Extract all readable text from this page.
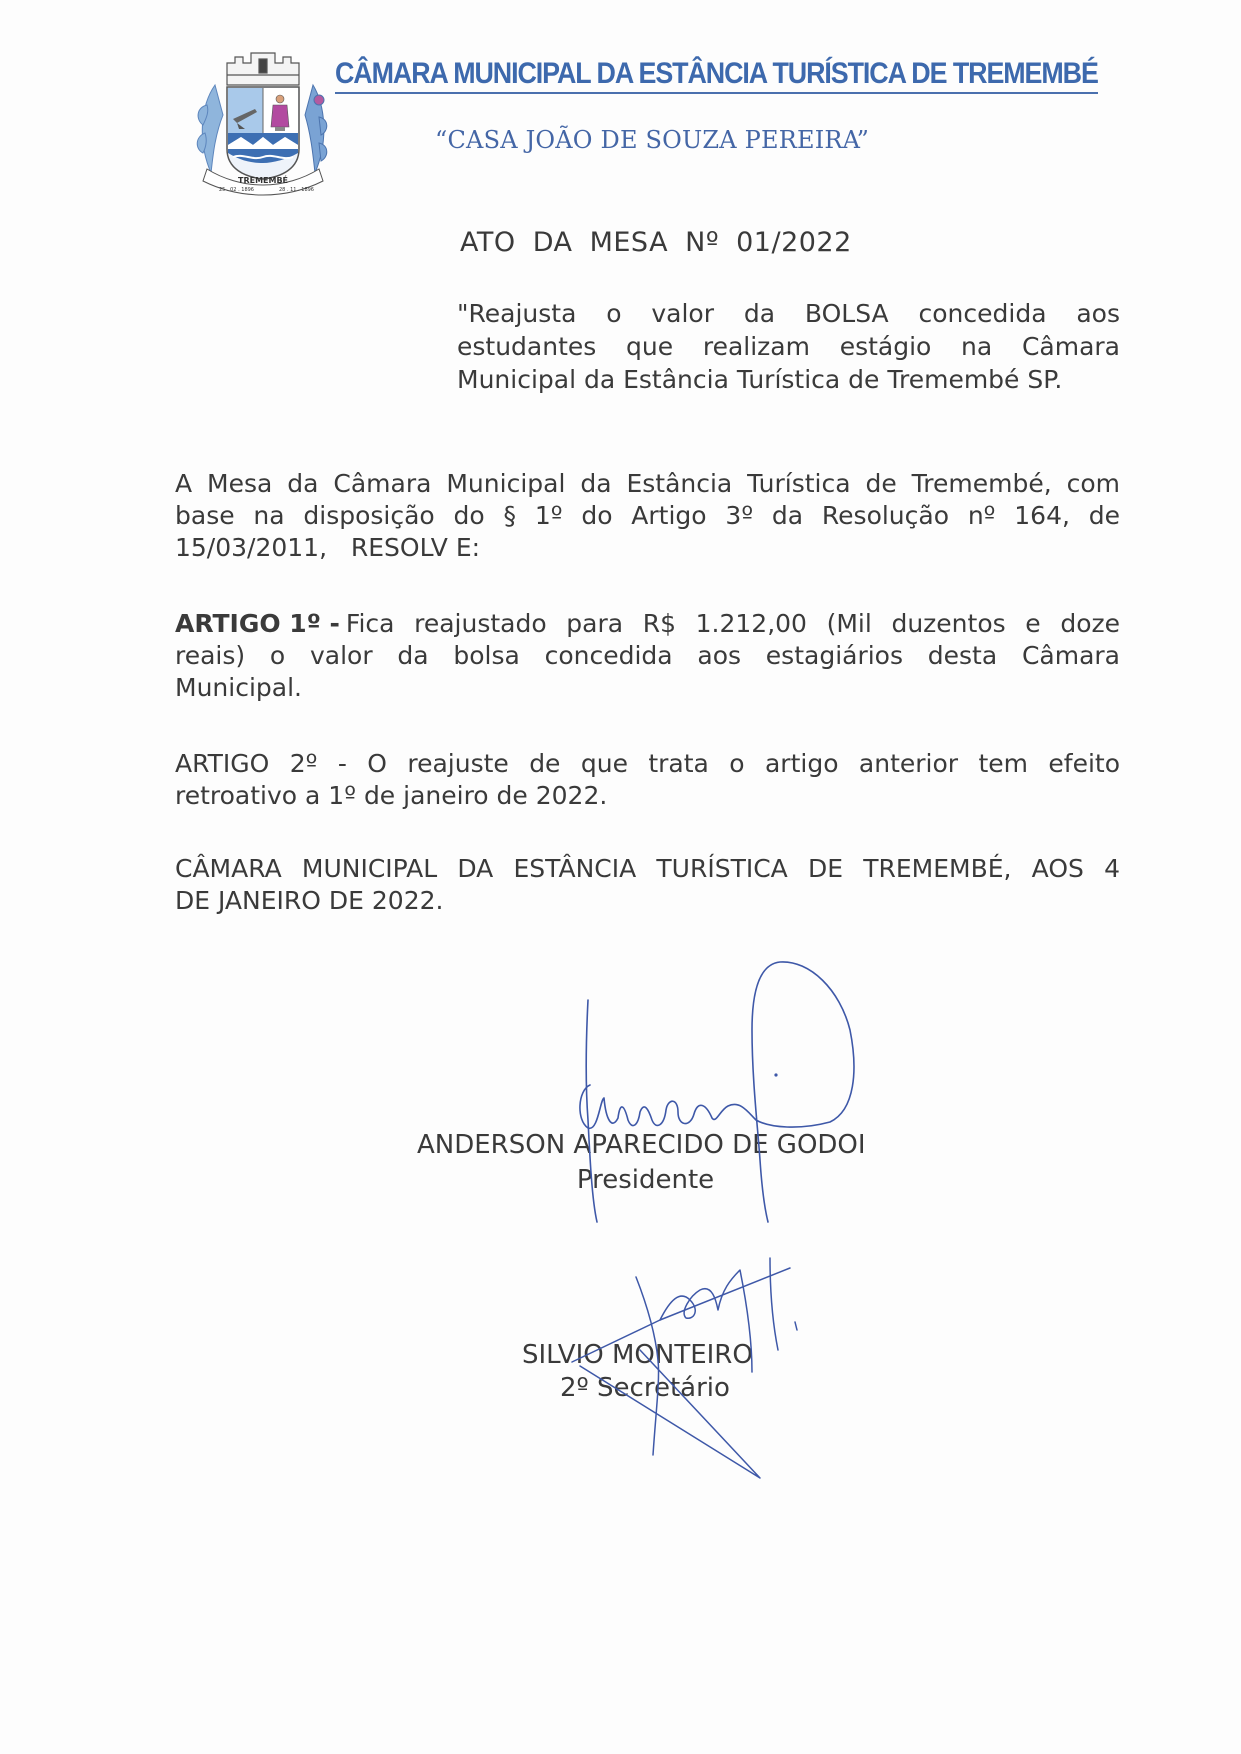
TREMEMBÉ
25 . 02 . 1896	28 . 11 . 1896
CÂMARA MUNICIPAL DA ESTÂNCIA TURÍSTICA DE TREMEMBÉ
“CASA JOÃO DE SOUZA PEREIRA”
ATO DA MESA Nº 01/2022
"Reajusta o valor da BOLSA concedida aos
estudantes que realizam estágio na Câmara
Municipal da Estância Turística de Tremembé SP.
A Mesa da Câmara Municipal da Estância Turística de Tremembé, com
base na disposição do § 1º do Artigo 3º da Resolução nº 164, de
15/03/2011,   RESOLV E:
ARTIGO 1º - Fica reajustado para R$ 1.212,00 (Mil duzentos e doze
reais) o valor da bolsa concedida aos estagiários desta Câmara
Municipal.
ARTIGO 2º - O reajuste de que trata o artigo anterior tem efeito
retroativo a 1º de janeiro de 2022.
CÂMARA MUNICIPAL DA ESTÂNCIA TURÍSTICA DE TREMEMBÉ, AOS 4
DE JANEIRO DE 2022.
ANDERSON APARECIDO DE GODOI
Presidente
SILVIO MONTEIRO
2º Secretário
